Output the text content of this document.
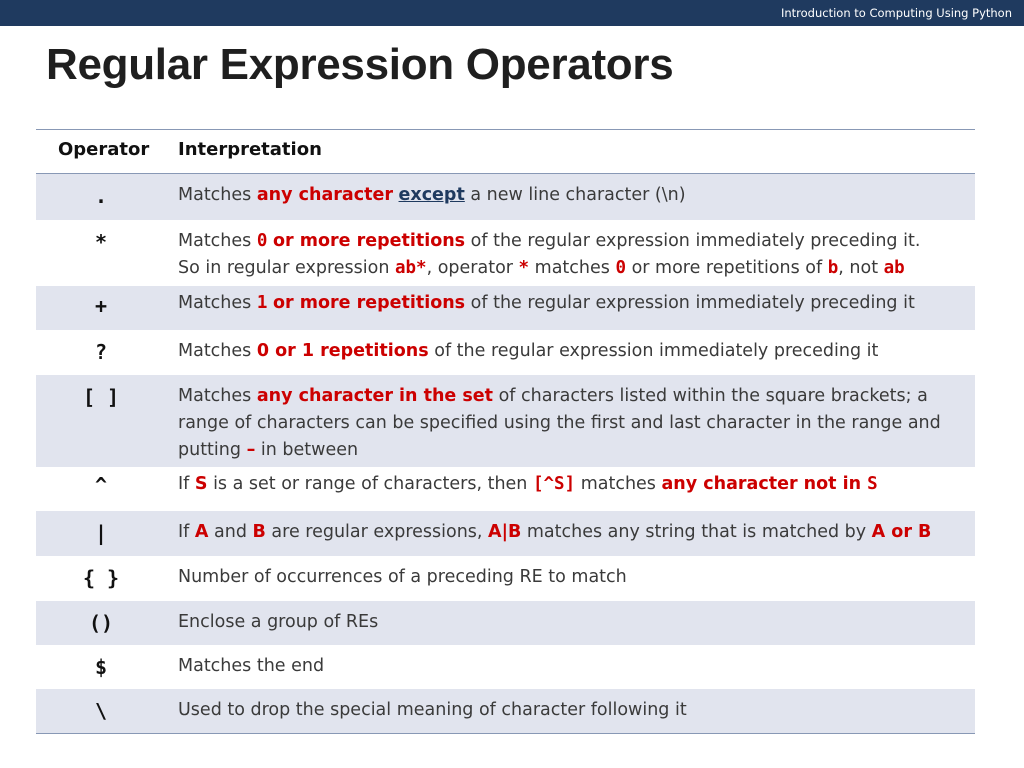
Introduction to Computing Using Python
Regular Expression Operators
Operator Interpretation
.	Matches any character except a new line character (\n)
*	Matches 0 or more repetitions of the regular expression immediately preceding it.
So in regular expression ab*, operator * matches 0 or more repetitions of b, not ab
+	Matches 1 or more repetitions of the regular expression immediately preceding it
?	Matches 0 or 1 repetitions of the regular expression immediately preceding it
[ ]	Matches any character in the set of characters listed within the square brackets; a
range of characters can be specified using the first and last character in the range and
putting – in between
^	If S is a set or range of characters, then [^S] matches any character not in S
|	If A and B are regular expressions, A|B matches any string that is matched by A or B
{ }	Number of occurrences of a preceding RE to match
()	Enclose a group of REs
$	Matches the end
\	Used to drop the special meaning of character following it
